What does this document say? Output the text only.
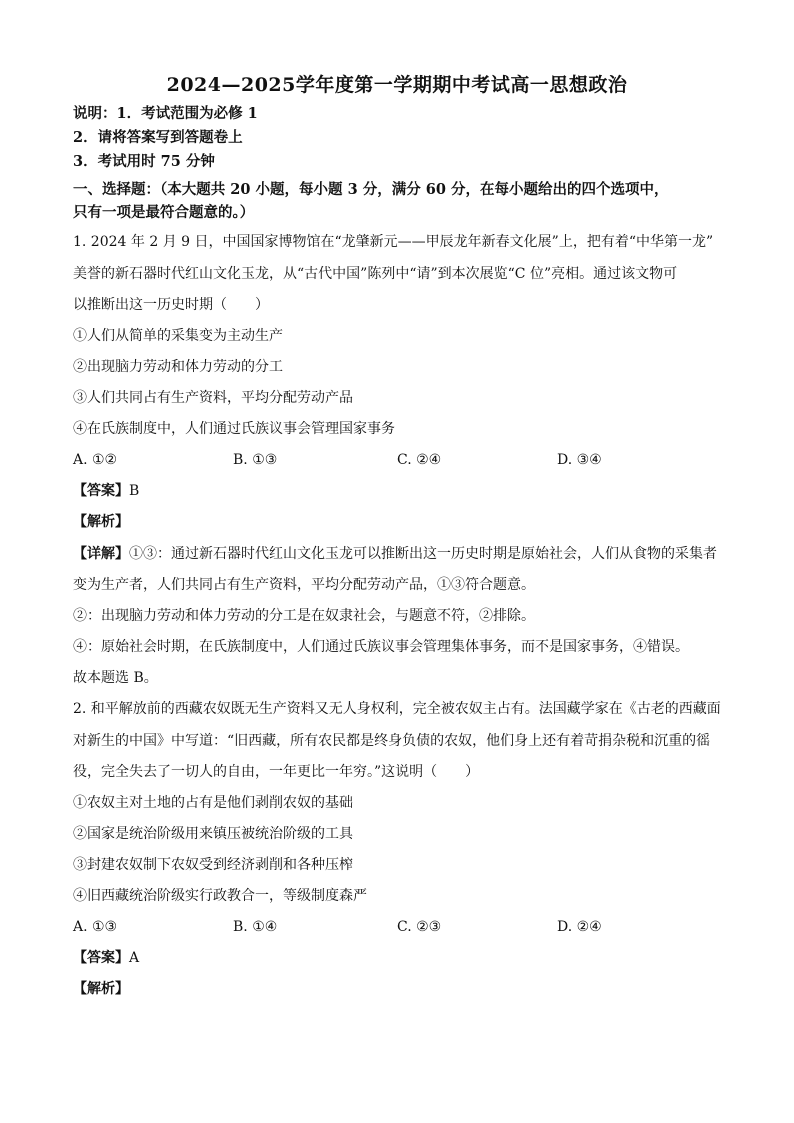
2024—2025学年度第一学期期中考试高一思想政治
说明：1．考试范围为必修 1
2．请将答案写到答题卷上
3．考试用时 75 分钟
一、选择题：（本大题共 20 小题，每小题 3 分，满分 60 分，在每小题给出的四个选项中，
只有一项是最符合题意的。）
1. 2024 年 2 月 9 日，中国国家博物馆在“龙肇新元——甲辰龙年新春文化展”上，把有着“中华第一龙”
美誉的新石器时代红山文化玉龙，从“古代中国”陈列中“请”到本次展览“C 位”亮相。通过该文物可
以推断出这一历史时期（　　）
①人们从简单的采集变为主动生产
②出现脑力劳动和体力劳动的分工
③人们共同占有生产资料，平均分配劳动产品
④在氏族制度中，人们通过氏族议事会管理国家事务
A. ①②	B. ①③	C. ②④	D. ③④
【答案】B
【解析】
【详解】①③：通过新石器时代红山文化玉龙可以推断出这一历史时期是原始社会，人们从食物的采集者
变为生产者，人们共同占有生产资料，平均分配劳动产品，①③符合题意。
②：出现脑力劳动和体力劳动的分工是在奴隶社会，与题意不符，②排除。
④：原始社会时期，在氏族制度中，人们通过氏族议事会管理集体事务，而不是国家事务，④错误。
故本题选 B。
2. 和平解放前的西藏农奴既无生产资料又无人身权利，完全被农奴主占有。法国藏学家在《古老的西藏面
对新生的中国》中写道：“旧西藏，所有农民都是终身负债的农奴，他们身上还有着苛捐杂税和沉重的徭
役，完全失去了一切人的自由，一年更比一年穷。”这说明（　　）
①农奴主对土地的占有是他们剥削农奴的基础
②国家是统治阶级用来镇压被统治阶级的工具
③封建农奴制下农奴受到经济剥削和各种压榨
④旧西藏统治阶级实行政教合一，等级制度森严
A. ①③	B. ①④	C. ②③	D. ②④
【答案】A
【解析】
